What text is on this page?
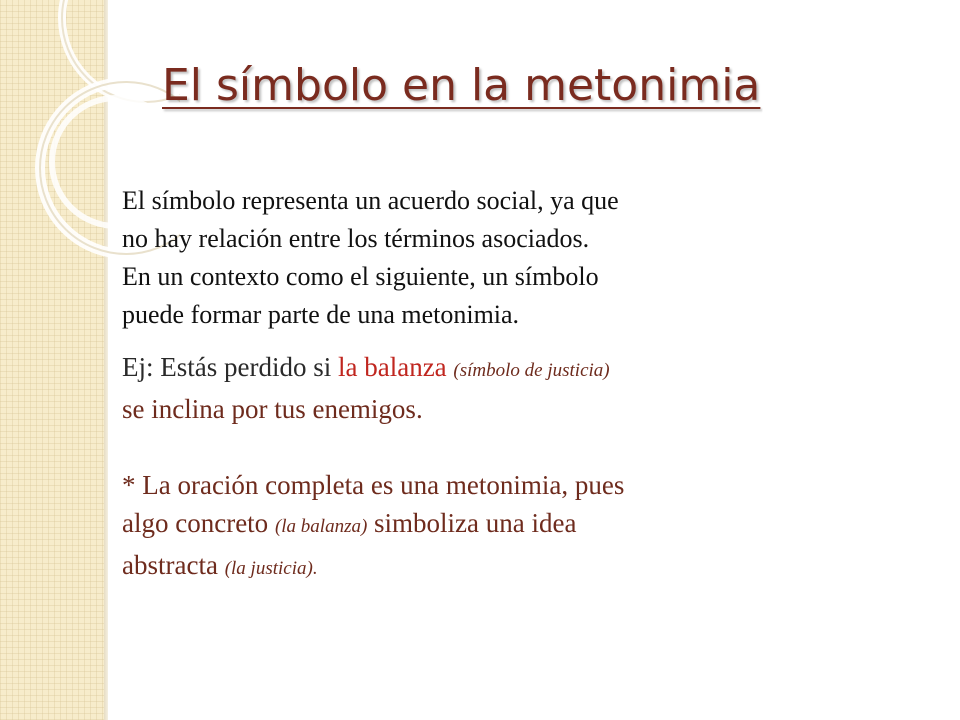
El símbolo en la metonimia
El símbolo representa un acuerdo social, ya que
no hay relación entre los términos asociados.
En un contexto como el siguiente, un símbolo
puede formar parte de una metonimia.
Ej: Estás perdido si la balanza (símbolo de justicia)
se inclina por tus enemigos.
* La oración completa es una metonimia, pues
algo concreto (la balanza) simboliza una idea
abstracta (la justicia).
